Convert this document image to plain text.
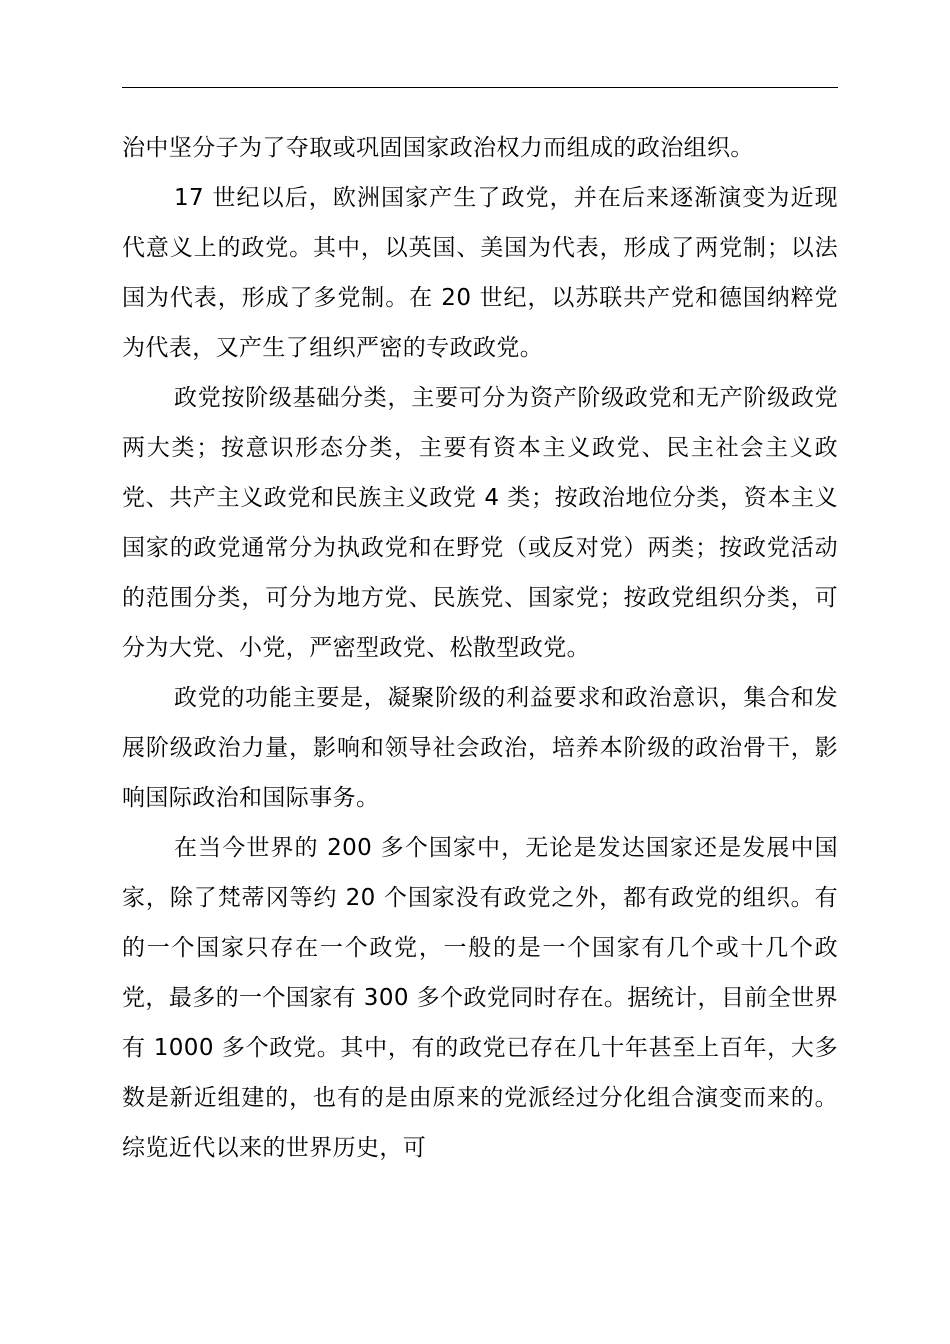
治中坚分子为了夺取或巩固国家政治权力而组成的政治组织。

17 世纪以后，欧洲国家产生了政党，并在后来逐渐演变为近现代意义上的政党。其中，以英国、美国为代表，形成了两党制；以法国为代表，形成了多党制。在 20 世纪，以苏联共产党和德国纳粹党为代表，又产生了组织严密的专政政党。

政党按阶级基础分类，主要可分为资产阶级政党和无产阶级政党两大类；按意识形态分类，主要有资本主义政党、民主社会主义政党、共产主义政党和民族主义政党 4 类；按政治地位分类，资本主义国家的政党通常分为执政党和在野党（或反对党）两类；按政党活动的范围分类，可分为地方党、民族党、国家党；按政党组织分类，可分为大党、小党，严密型政党、松散型政党。

政党的功能主要是，凝聚阶级的利益要求和政治意识，集合和发展阶级政治力量，影响和领导社会政治，培养本阶级的政治骨干，影响国际政治和国际事务。

在当今世界的 200 多个国家中，无论是发达国家还是发展中国家，除了梵蒂冈等约 20 个国家没有政党之外，都有政党的组织。有的一个国家只存在一个政党，一般的是一个国家有几个或十几个政党，最多的一个国家有 300 多个政党同时存在。据统计，目前全世界有 1000 多个政党。其中，有的政党已存在几十年甚至上百年，大多数是新近组建的，也有的是由原来的党派经过分化组合演变而来的。综览近代以来的世界历史，可
